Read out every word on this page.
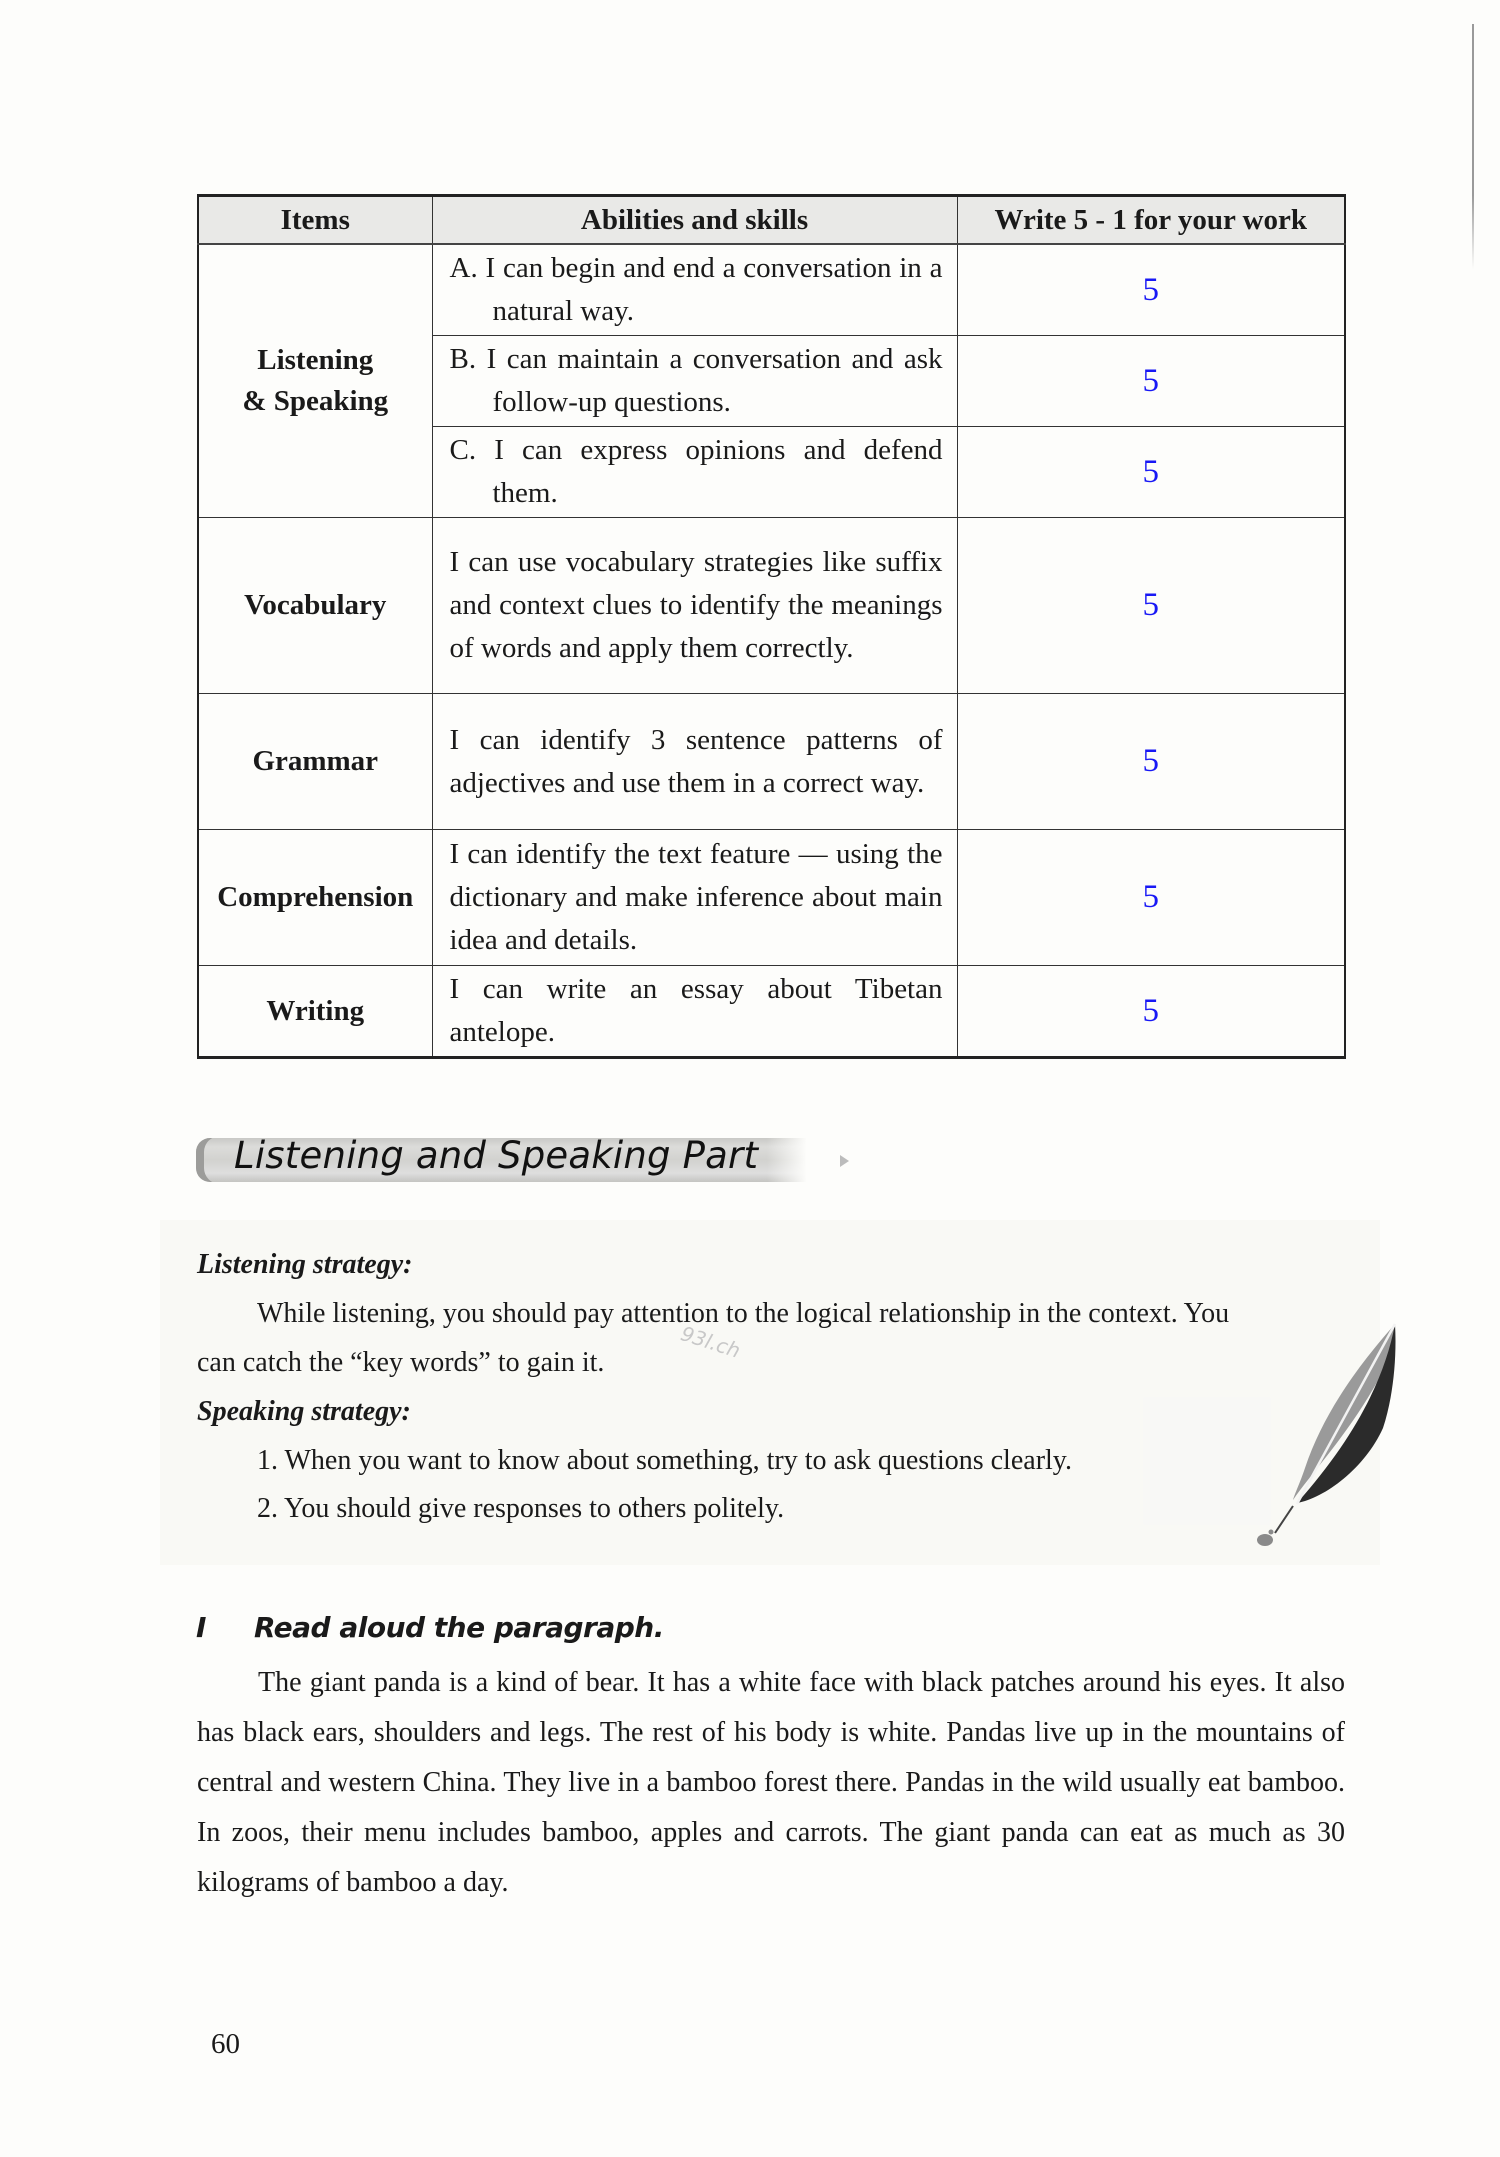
Items	Abilities and skills	Write 5 - 1 for your work

Listening
& Speaking	A. I can begin and end a conversation in a natural way.	5
	B. I can maintain a conversation and ask follow-up questions.	5
	C. I can express opinions and defend them.	5
Vocabulary	I can use vocabulary strategies like suffix and context clues to identify the meanings of words and apply them correctly.	5
Grammar	I can identify 3 sentence patterns of adjectives and use them in a correct way.	5
Comprehension	I can identify the text feature — using the dictionary and make inference about main idea and details.	5
Writing	I can write an essay about Tibetan antelope.	5
Listening and Speaking Part
Listening strategy:
While listening, you should pay attention to the logical relationship in the context. You
can catch the “key words” to gain it.
Speaking strategy:
1. When you want to know about something, try to ask questions clearly.
2. You should give responses to others politely.
93l.ch
I Read aloud the paragraph.
The giant panda is a kind of bear. It has a white face with black patches around his eyes. It also has black ears, shoulders and legs. The rest of his body is white. Pandas live up in the mountains of central and western China. They live in a bamboo forest there. Pandas in the wild usually eat bamboo. In zoos, their menu includes bamboo, apples and carrots. The giant panda can eat as much as 30 kilograms of bamboo a day.
60
